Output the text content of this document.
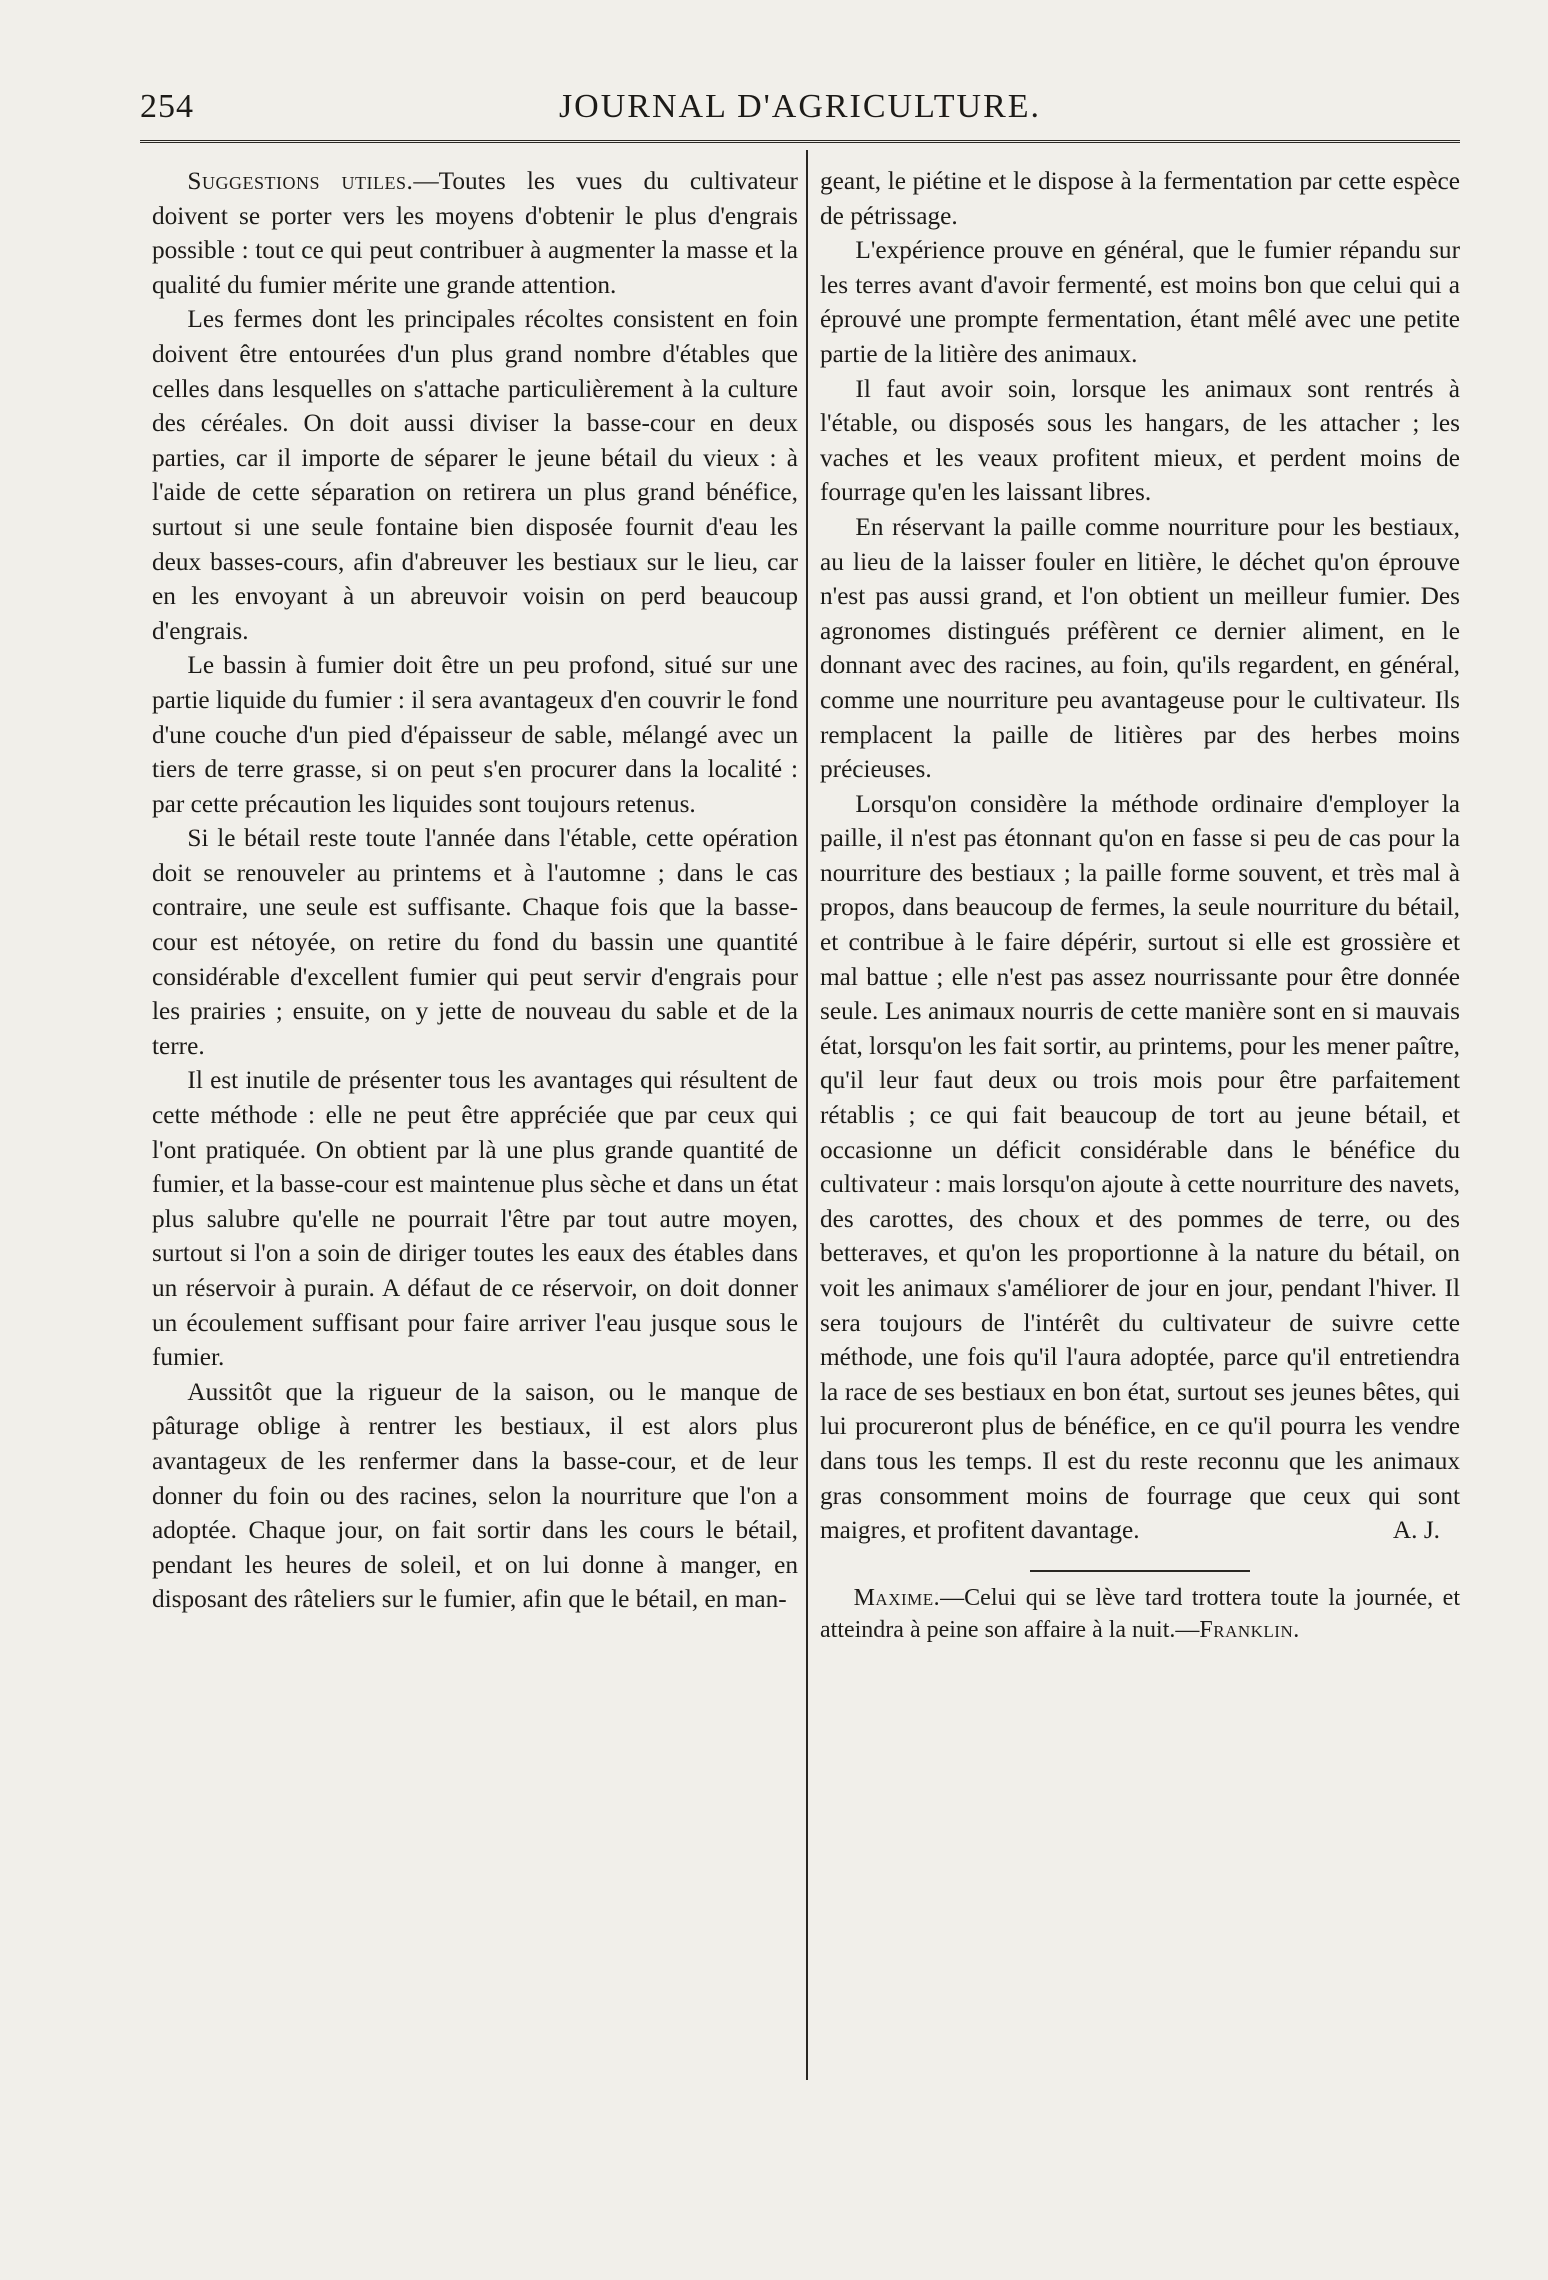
254	JOURNAL D'AGRICULTURE.

Suggestions utiles.—Toutes les vues du cultivateur doivent se porter vers les moyens d'obtenir le plus d'engrais possible : tout ce qui peut contribuer à augmenter la masse et la qualité du fumier mérite une grande attention.

Les fermes dont les principales récoltes consistent en foin doivent être entourées d'un plus grand nombre d'étables que celles dans lesquelles on s'attache particulièrement à la culture des céréales. On doit aussi diviser la basse-cour en deux parties, car il importe de séparer le jeune bétail du vieux : à l'aide de cette séparation on retirera un plus grand bénéfice, surtout si une seule fontaine bien disposée fournit d'eau les deux basses-cours, afin d'abreuver les bestiaux sur le lieu, car en les envoyant à un abreuvoir voisin on perd beaucoup d'engrais.

Le bassin à fumier doit être un peu profond, situé sur une partie liquide du fumier : il sera avantageux d'en couvrir le fond d'une couche d'un pied d'épaisseur de sable, mélangé avec un tiers de terre grasse, si on peut s'en procurer dans la localité : par cette précaution les liquides sont toujours retenus.

Si le bétail reste toute l'année dans l'étable, cette opération doit se renouveler au printems et à l'automne ; dans le cas contraire, une seule est suffisante. Chaque fois que la basse-cour est nétoyée, on retire du fond du bassin une quantité considérable d'excellent fumier qui peut servir d'engrais pour les prairies ; ensuite, on y jette de nouveau du sable et de la terre.

Il est inutile de présenter tous les avantages qui résultent de cette méthode : elle ne peut être appréciée que par ceux qui l'ont pratiquée. On obtient par là une plus grande quantité de fumier, et la basse-cour est maintenue plus sèche et dans un état plus salubre qu'elle ne pourrait l'être par tout autre moyen, surtout si l'on a soin de diriger toutes les eaux des étables dans un réservoir à purain. A défaut de ce réservoir, on doit donner un écoulement suffisant pour faire arriver l'eau jusque sous le fumier.

Aussitôt que la rigueur de la saison, ou le manque de pâturage oblige à rentrer les bestiaux, il est alors plus avantageux de les renfermer dans la basse-cour, et de leur donner du foin ou des racines, selon la nourriture que l'on a adoptée. Chaque jour, on fait sortir dans les cours le bétail, pendant les heures de soleil, et on lui donne à manger, en disposant des râteliers sur le fumier, afin que le bétail, en man-

geant, le piétine et le dispose à la fermentation par cette espèce de pétrissage.

L'expérience prouve en général, que le fumier répandu sur les terres avant d'avoir fermenté, est moins bon que celui qui a éprouvé une prompte fermentation, étant mêlé avec une petite partie de la litière des animaux.

Il faut avoir soin, lorsque les animaux sont rentrés à l'étable, ou disposés sous les hangars, de les attacher ; les vaches et les veaux profitent mieux, et perdent moins de fourrage qu'en les laissant libres.

En réservant la paille comme nourriture pour les bestiaux, au lieu de la laisser fouler en litière, le déchet qu'on éprouve n'est pas aussi grand, et l'on obtient un meilleur fumier. Des agronomes distingués préfèrent ce dernier aliment, en le donnant avec des racines, au foin, qu'ils regardent, en général, comme une nourriture peu avantageuse pour le cultivateur. Ils remplacent la paille de litières par des herbes moins précieuses.

Lorsqu'on considère la méthode ordinaire d'employer la paille, il n'est pas étonnant qu'on en fasse si peu de cas pour la nourriture des bestiaux ; la paille forme souvent, et très mal à propos, dans beaucoup de fermes, la seule nourriture du bétail, et contribue à le faire dépérir, surtout si elle est grossière et mal battue ; elle n'est pas assez nourrissante pour être donnée seule. Les animaux nourris de cette manière sont en si mauvais état, lorsqu'on les fait sortir, au printems, pour les mener paître, qu'il leur faut deux ou trois mois pour être parfaitement rétablis ; ce qui fait beaucoup de tort au jeune bétail, et occasionne un déficit considérable dans le bénéfice du cultivateur : mais lorsqu'on ajoute à cette nourriture des navets, des carottes, des choux et des pommes de terre, ou des betteraves, et qu'on les proportionne à la nature du bétail, on voit les animaux s'améliorer de jour en jour, pendant l'hiver. Il sera toujours de l'intérêt du cultivateur de suivre cette méthode, une fois qu'il l'aura adoptée, parce qu'il entretiendra la race de ses bestiaux en bon état, surtout ses jeunes bêtes, qui lui procureront plus de bénéfice, en ce qu'il pourra les vendre dans tous les temps. Il est du reste reconnu que les animaux gras consomment moins de fourrage que ceux qui sont maigres, et profitent davantage.	A. J.

Maxime.—Celui qui se lève tard trottera toute la journée, et atteindra à peine son affaire à la nuit.—Franklin.
